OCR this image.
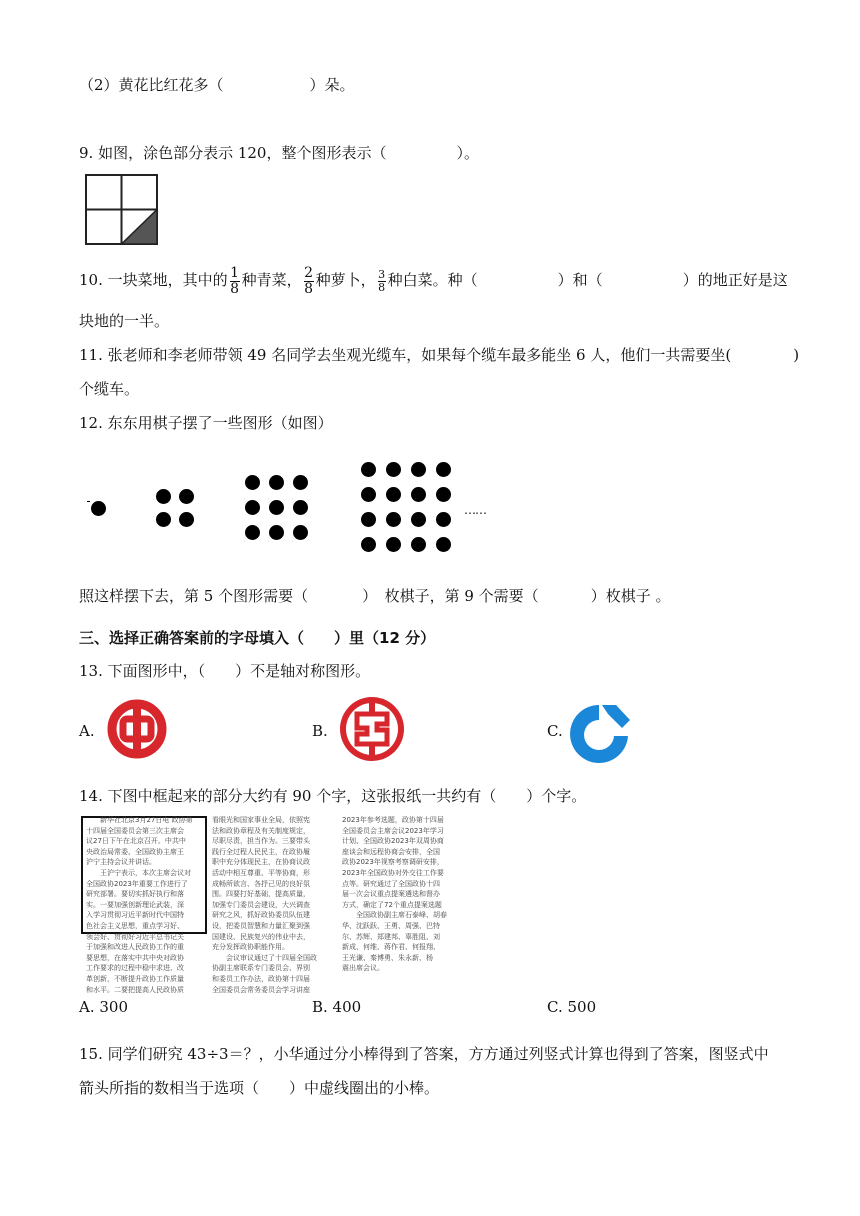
（2）黄花比红花多（	）朵。
9. 如图，涂色部分表示 120，整个图形表示（	）。
10. 一块菜地，其中的 $\frac{1}{8}$ 种青菜， $\frac{2}{8}$ 种萝卜， $\frac{3}{8}$ 种白菜。种（	）和（	）的地正好是这
块地的一半。
11. 张老师和李老师带领 49 名同学去坐观光缆车，如果每个缆车最多能坐 6 人，他们一共需要坐(	)
个缆车。
12. 东东用棋子摆了一些图形（如图）
……
照这样摆下去，第 5 个图形需要（	）　枚棋子，第 9 个需要（	）枚棋子 。
三、选择正确答案前的字母填入（　　）里（12 分）
13. 下面图形中，（　　）不是轴对称图形。
A.	B.	C.
14. 下图中框起来的部分大约有 90 个字，这张报纸一共约有（　　）个字。
　　新华社北京3月27日电 政协第
十四届全国委员会第三次主席会
议27日下午在北京召开。中共中
央政治局常委、全国政协主席王
沪宁主持会议并讲话。
　　王沪宁表示，本次主席会议对
全国政协2023年重要工作进行了
研究部署。要切实抓好执行和落
实。一要加强创新理论武装，深
入学习贯彻习近平新时代中国特
色社会主义思想，重点学习好、
领会好、贯彻好习近平总书记关
于加强和改进人民政协工作的重
要思想，在落实中共中央对政协
工作要求的过程中稳中求进、改
革创新，不断提升政协工作质量
和水平。二要把提高人民政协质
看眼光和国家事业全局，依照宪
法和政协章程及有关制度规定，
尽职尽责，担当作为。三要带头
践行全过程人民民主，在政协履
职中充分体现民主，在协商议政
活动中相互尊重、平等协商，形
成畅所欲言、各抒己见的良好氛
围。四要打好基础，提高质量，
加强专门委员会建设，大兴调查
研究之风，抓好政协委员队伍建
设，把委员智慧和力量汇聚到强
国建设、民族复兴的伟业中去，
充分发挥政协职能作用。
　　会议审议通过了十四届全国政
协副主席联系专门委员会、界别
和委员工作办法，政协第十四届
全国委员会常务委员会学习讲座
2023年参考选题，政协第十四届
全国委员会主席会议2023年学习
计划、全国政协2023年双周协商
座谈会和远程协商会安排，全国
政协2023年视察考察调研安排，
2023年全国政协对外交往工作要
点等。研究通过了全国政协十四
届一次会议重点提案遴选和督办
方式，确定了72个重点提案选题
　　全国政协副主席石泰峰、胡春
华、沈跃跃、王勇、周强、巴特
尔、苏辉、郑建邦、辜胜阻、刘
新成、何维、蒋作君、何报翔、
王光谦、秦博勇、朱永新、杨
震出席会议。
A. 300	B. 400	C. 500
15. 同学们研究 43÷3＝？，小华通过分小棒得到了答案，方方通过列竖式计算也得到了答案，图竖式中
箭头所指的数相当于选项（　　）中虚线圈出的小棒。
